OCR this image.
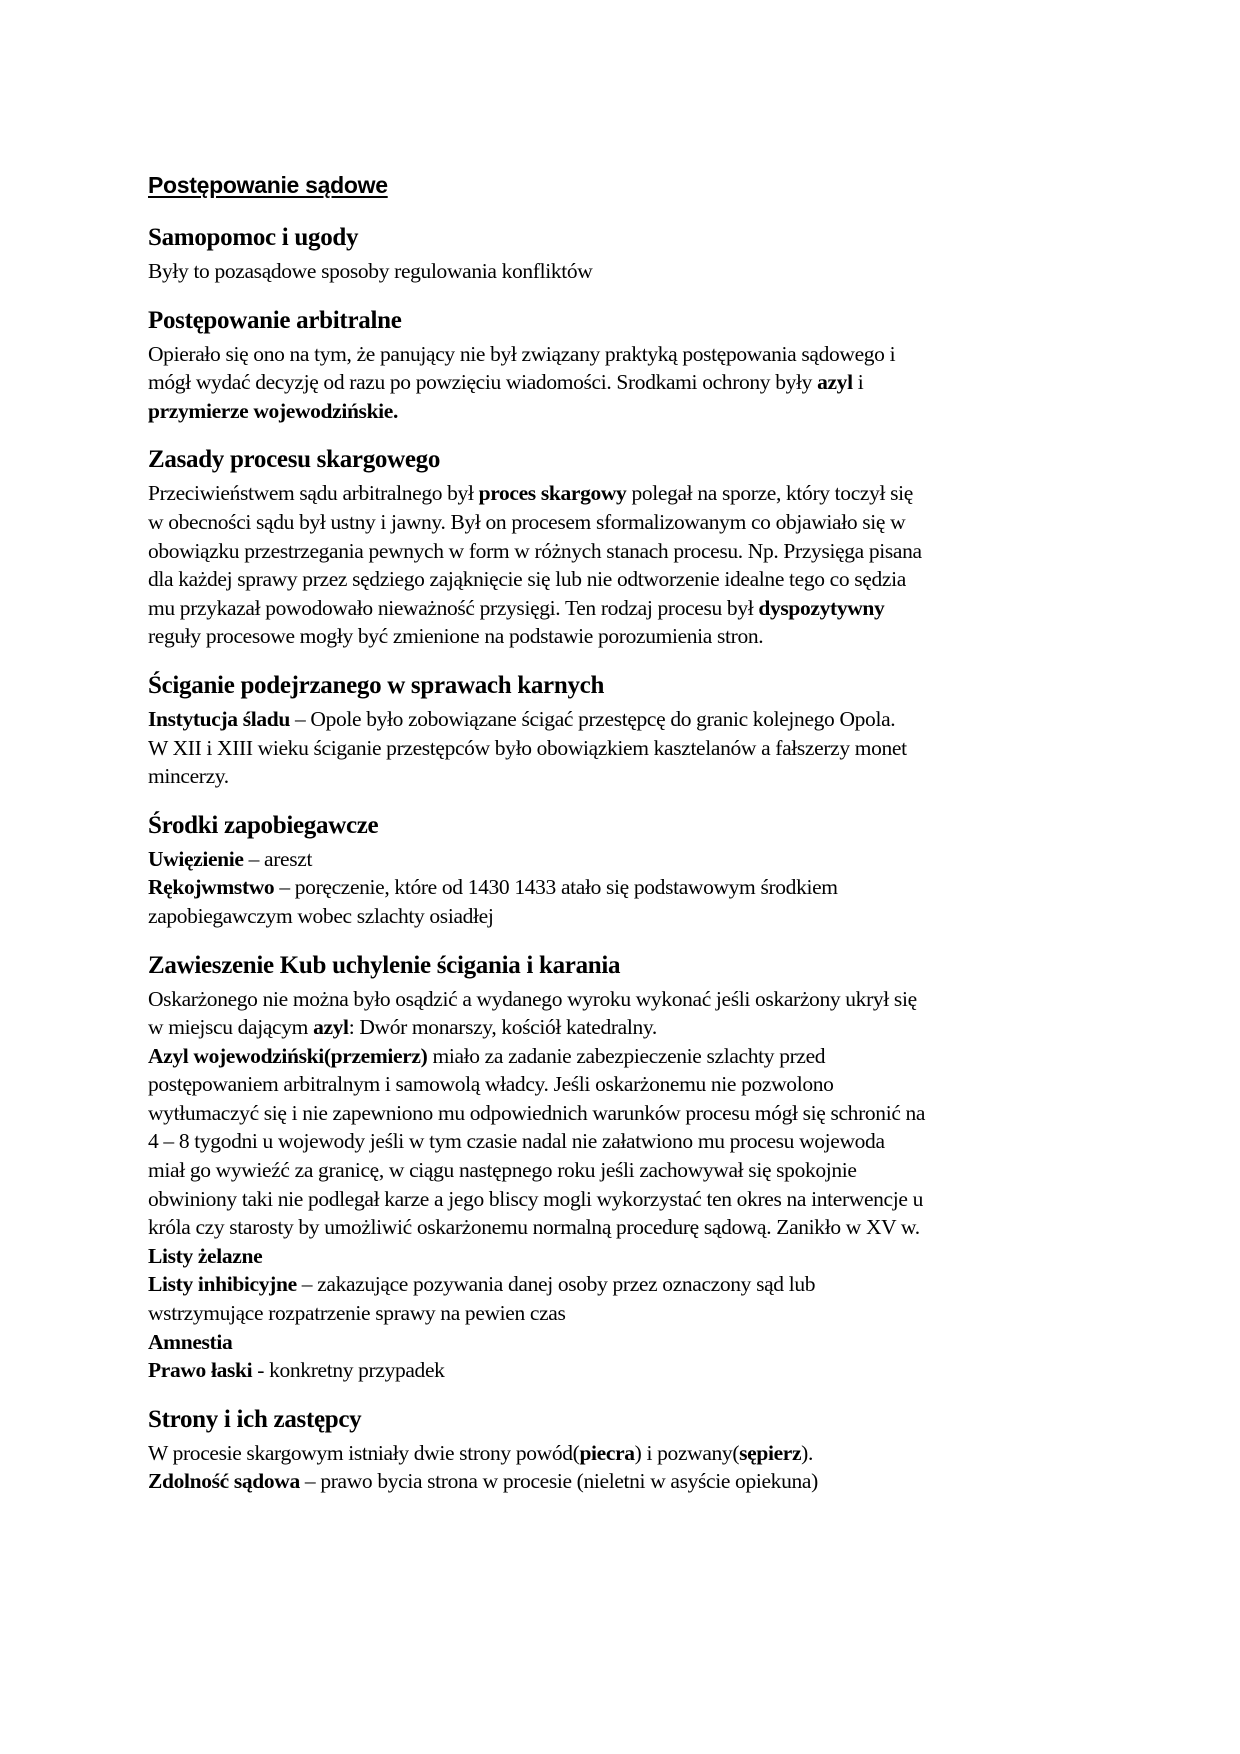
Postępowanie sądowe
Samopomoc i ugody
Były to pozasądowe sposoby regulowania konfliktów
Postępowanie arbitralne
Opierało się ono na tym, że panujący nie był związany praktyką postępowania sądowego i
mógł wydać decyzję od razu po powzięciu wiadomości. Srodkami ochrony były azyl i
przymierze wojewodzińskie.
Zasady procesu skargowego
Przeciwieństwem sądu arbitralnego był proces skargowy polegał na sporze, który toczył się
w obecności sądu był ustny i jawny. Był on procesem sformalizowanym co objawiało się w
obowiązku przestrzegania pewnych w form w różnych stanach procesu. Np. Przysięga pisana
dla każdej sprawy przez sędziego zająknięcie się lub nie odtworzenie idealne tego co sędzia
mu przykazał powodowało nieważność przysięgi. Ten rodzaj procesu był dyspozytywny
reguły procesowe mogły być zmienione na podstawie porozumienia stron.
Ściganie podejrzanego w sprawach karnych
Instytucja śladu – Opole było zobowiązane ścigać przestępcę do granic kolejnego Opola.
W XII i XIII wieku ściganie przestępców było obowiązkiem kasztelanów a fałszerzy monet
mincerzy.
Środki zapobiegawcze
Uwięzienie – areszt
Rękojwmstwo – poręczenie, które od 1430 1433 atało się podstawowym środkiem
zapobiegawczym wobec szlachty osiadłej
Zawieszenie Kub uchylenie ścigania i karania
Oskarżonego nie można było osądzić a wydanego wyroku wykonać jeśli oskarżony ukrył się
w miejscu dającym azyl: Dwór monarszy, kościół katedralny.
Azyl wojewodziński(przemierz) miało za zadanie zabezpieczenie szlachty przed
postępowaniem arbitralnym i samowolą władcy. Jeśli oskarżonemu nie pozwolono
wytłumaczyć się i nie zapewniono mu odpowiednich warunków procesu mógł się schronić na
4 – 8 tygodni u wojewody jeśli w tym czasie nadal nie załatwiono mu procesu wojewoda
miał go wywieźć za granicę, w ciągu następnego roku jeśli zachowywał się spokojnie
obwiniony taki nie podlegał karze a jego bliscy mogli wykorzystać ten okres na interwencje u
króla czy starosty by umożliwić oskarżonemu normalną procedurę sądową. Zanikło w XV w.
Listy żelazne
Listy inhibicyjne – zakazujące pozywania danej osoby przez oznaczony sąd lub
wstrzymujące rozpatrzenie sprawy na pewien czas
Amnestia
Prawo łaski - konkretny przypadek
Strony i ich zastępcy
W procesie skargowym istniały dwie strony powód(piecra) i pozwany(sępierz).
Zdolność sądowa – prawo bycia strona w procesie (nieletni w asyście opiekuna)
